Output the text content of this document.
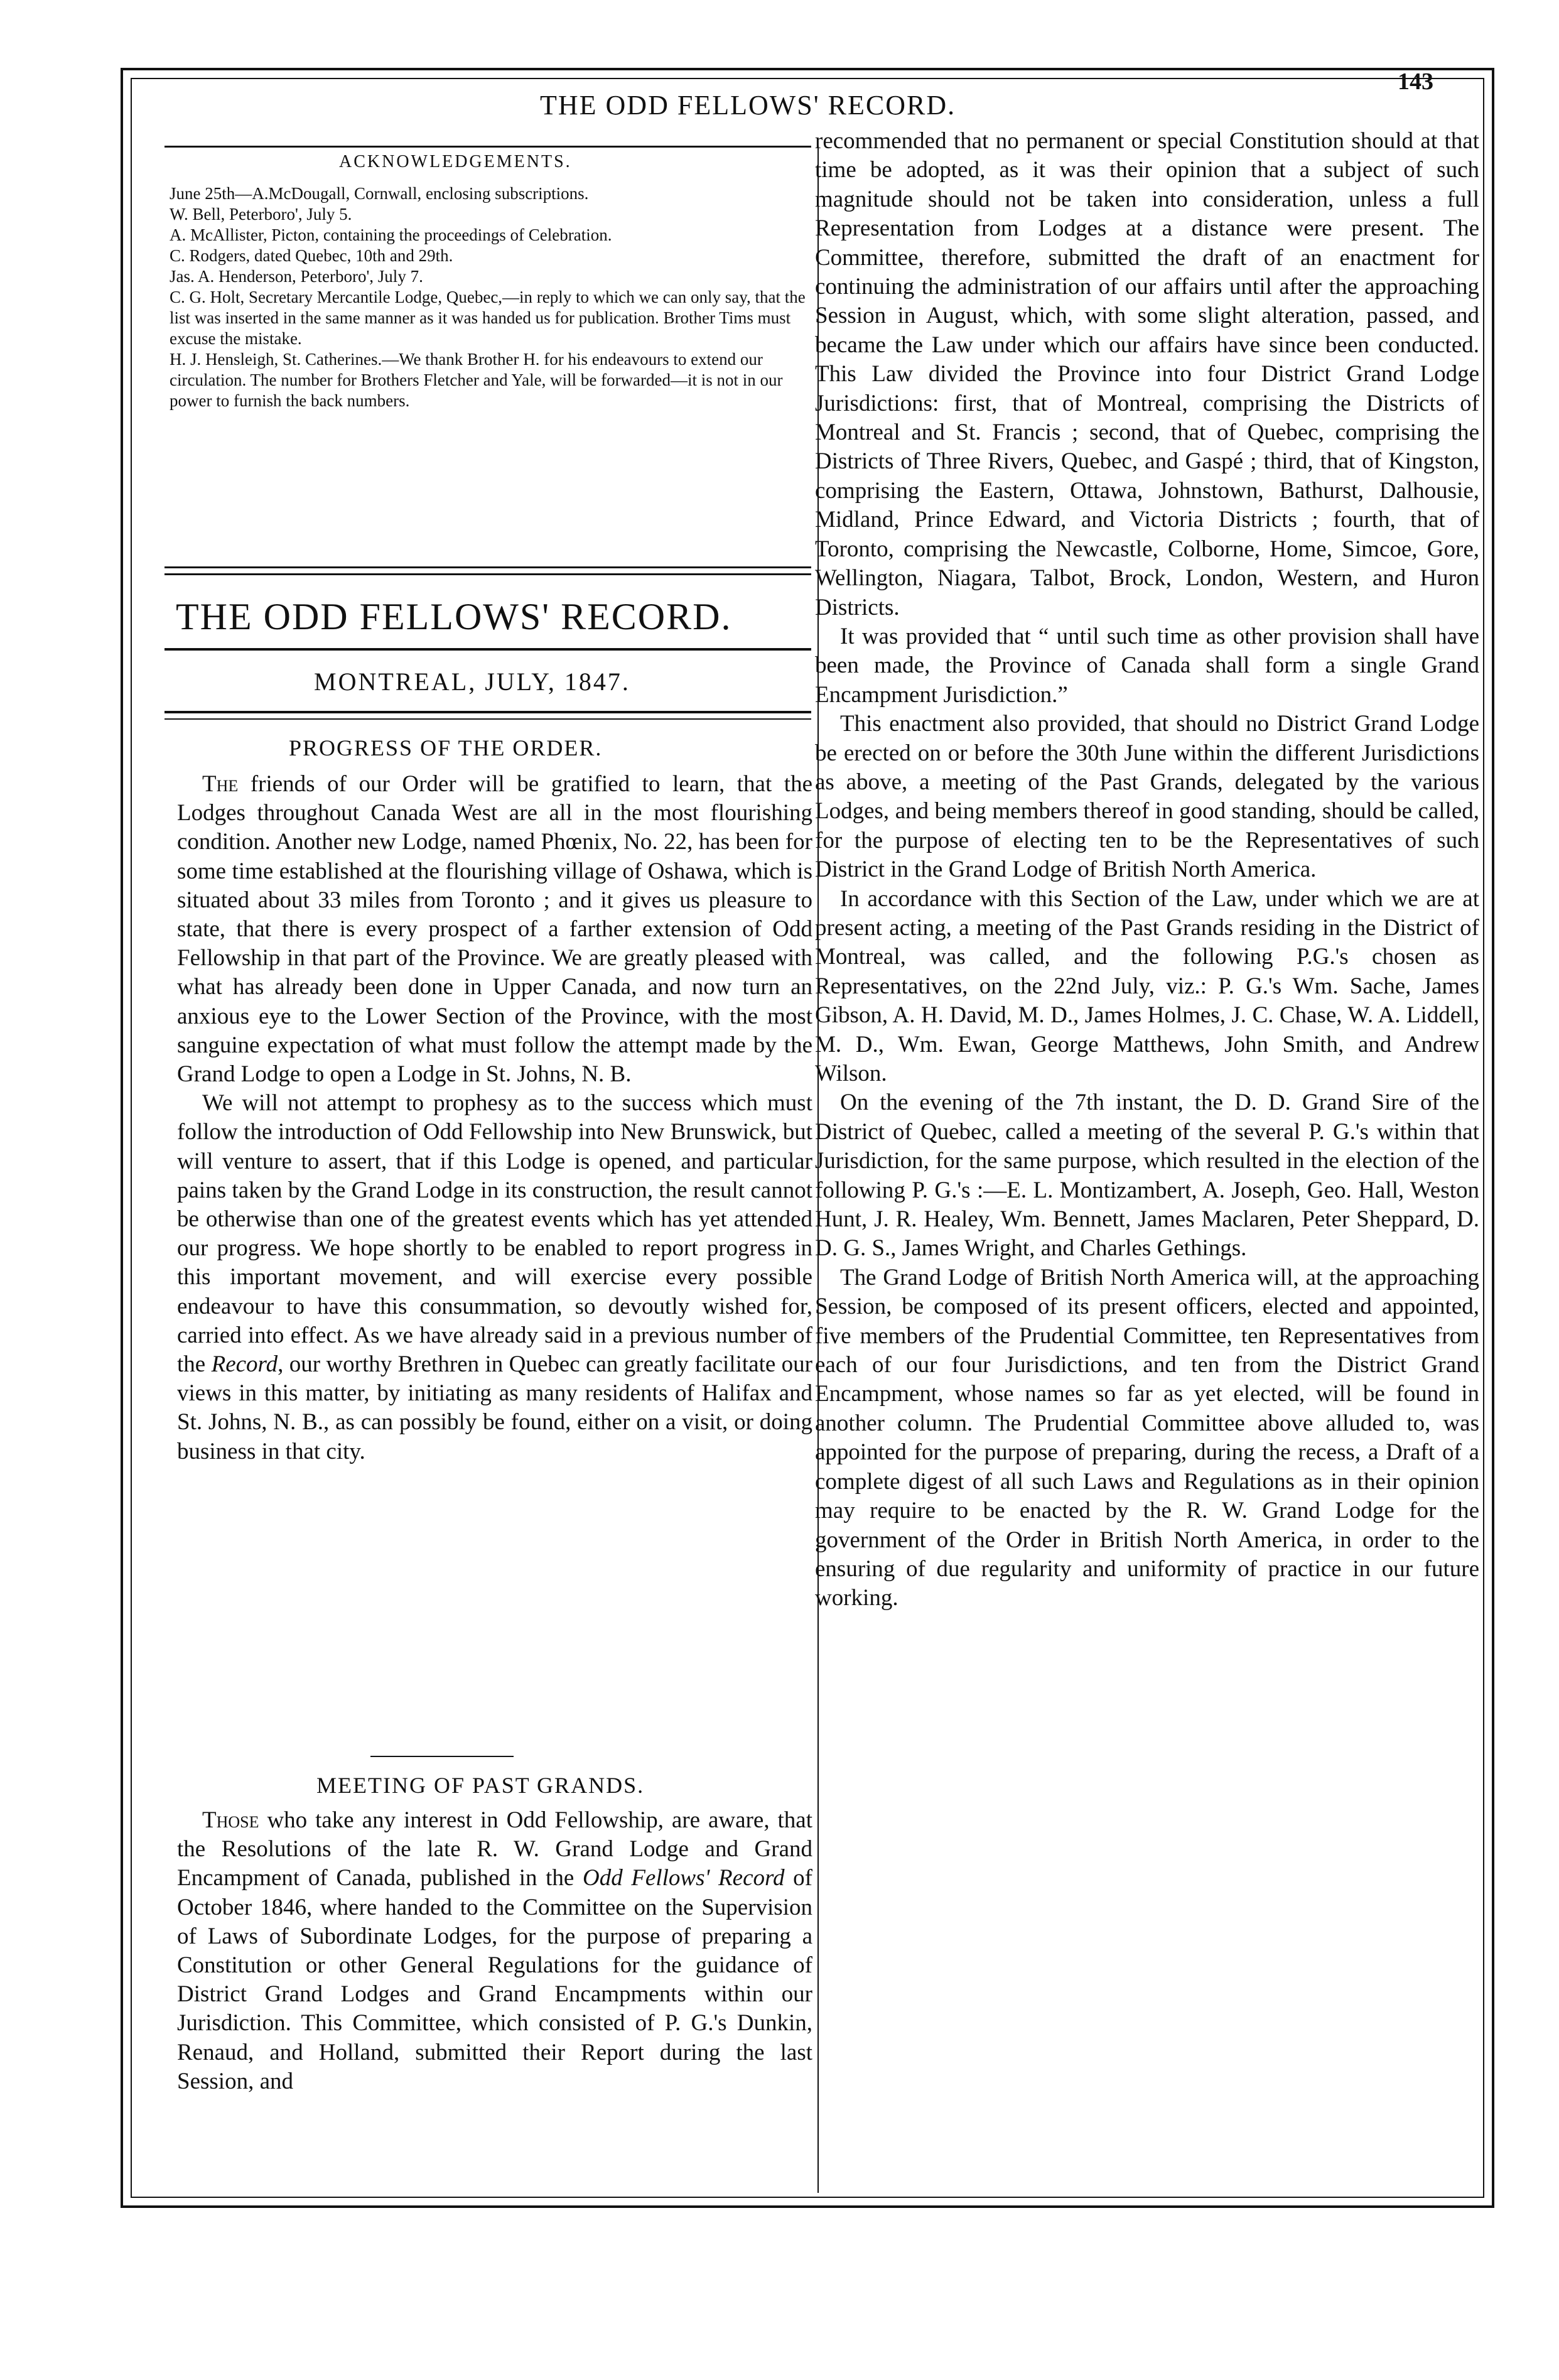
THE ODD FELLOWS' RECORD.
143
ACKNOWLEDGEMENTS.

June 25th—A.McDougall, Cornwall, enclosing subscriptions.

W. Bell, Peterboro', July 5.

A. McAllister, Picton, containing the proceedings of Celebration.

C. Rodgers, dated Quebec, 10th and 29th.

Jas. A. Henderson, Peterboro', July 7.

C. G. Holt, Secretary Mercantile Lodge, Quebec,—in reply to which we can only say, that the list was inserted in the same manner as it was handed us for publication. Brother Tims must excuse the mistake.

H. J. Hensleigh, St. Catherines.—We thank Brother H. for his endeavours to extend our circulation. The number for Brothers Fletcher and Yale, will be forwarded—it is not in our power to furnish the back numbers.

THE ODD FELLOWS' RECORD.
MONTREAL, JULY, 1847.
PROGRESS OF THE ORDER.

The friends of our Order will be gratified to learn, that the Lodges throughout Canada West are all in the most flourishing condition. Another new Lodge, named Phœnix, No. 22, has been for some time established at the flourishing village of Oshawa, which is situated about 33 miles from Toronto ; and it gives us pleasure to state, that there is every prospect of a farther extension of Odd Fellowship in that part of the Province. We are greatly pleased with what has already been done in Upper Canada, and now turn an anxious eye to the Lower Section of the Province, with the most sanguine expectation of what must follow the attempt made by the Grand Lodge to open a Lodge in St. Johns, N. B.

We will not attempt to prophesy as to the success which must follow the introduction of Odd Fellowship into New Brunswick, but will venture to assert, that if this Lodge is opened, and particular pains taken by the Grand Lodge in its construction, the result cannot be otherwise than one of the greatest events which has yet attended our progress. We hope shortly to be enabled to report progress in this important movement, and will exercise every possible endeavour to have this consummation, so devoutly wished for, carried into effect. As we have already said in a previous number of the Record, our worthy Brethren in Quebec can greatly facilitate our views in this matter, by initiating as many residents of Halifax and St. Johns, N. B., as can possibly be found, either on a visit, or doing business in that city.

MEETING OF PAST GRANDS.

Those who take any interest in Odd Fellowship, are aware, that the Resolutions of the late R. W. Grand Lodge and Grand Encampment of Canada, published in the Odd Fellows' Record of October 1846, where handed to the Committee on the Supervision of Laws of Subordinate Lodges, for the purpose of preparing a Constitution or other General Regulations for the guidance of District Grand Lodges and Grand Encampments within our Jurisdiction. This Committee, which consisted of P. G.'s Dunkin, Renaud, and Holland, submitted their Report during the last Session, and

recommended that no permanent or special Constitution should at that time be adopted, as it was their opinion that a subject of such magnitude should not be taken into consideration, unless a full Representation from Lodges at a distance were present. The Committee, therefore, submitted the draft of an enactment for continuing the administration of our affairs until after the approaching Session in August, which, with some slight alteration, passed, and became the Law under which our affairs have since been conducted. This Law divided the Province into four District Grand Lodge Jurisdictions: first, that of Montreal, comprising the Districts of Montreal and St. Francis ; second, that of Quebec, comprising the Districts of Three Rivers, Quebec, and Gaspé ; third, that of Kingston, comprising the Eastern, Ottawa, Johnstown, Bathurst, Dalhousie, Midland, Prince Edward, and Victoria Districts ; fourth, that of Toronto, comprising the Newcastle, Colborne, Home, Simcoe, Gore, Wellington, Niagara, Talbot, Brock, London, Western, and Huron Districts.

It was provided that “ until such time as other provision shall have been made, the Province of Canada shall form a single Grand Encampment Jurisdiction.”

This enactment also provided, that should no District Grand Lodge be erected on or before the 30th June within the different Jurisdictions as above, a meeting of the Past Grands, delegated by the various Lodges, and being members thereof in good standing, should be called, for the purpose of electing ten to be the Representatives of such District in the Grand Lodge of British North America.

In accordance with this Section of the Law, under which we are at present acting, a meeting of the Past Grands residing in the District of Montreal, was called, and the following P.G.'s chosen as Representatives, on the 22nd July, viz.: P. G.'s Wm. Sache, James Gibson, A. H. David, M. D., James Holmes, J. C. Chase, W. A. Liddell, M. D., Wm. Ewan, George Matthews, John Smith, and Andrew Wilson.

On the evening of the 7th instant, the D. D. Grand Sire of the District of Quebec, called a meeting of the several P. G.'s within that Jurisdiction, for the same purpose, which resulted in the election of the following P. G.'s :—E. L. Montizambert, A. Joseph, Geo. Hall, Weston Hunt, J. R. Healey, Wm. Bennett, James Maclaren, Peter Sheppard, D. D. G. S., James Wright, and Charles Gethings.

The Grand Lodge of British North America will, at the approaching Session, be composed of its present officers, elected and appointed, five members of the Prudential Committee, ten Representatives from each of our four Jurisdictions, and ten from the District Grand Encampment, whose names so far as yet elected, will be found in another column. The Prudential Committee above alluded to, was appointed for the purpose of preparing, during the recess, a Draft of a complete digest of all such Laws and Regulations as in their opinion may require to be enacted by the R. W. Grand Lodge for the government of the Order in British North America, in order to the ensuring of due regularity and uniformity of practice in our future working.
